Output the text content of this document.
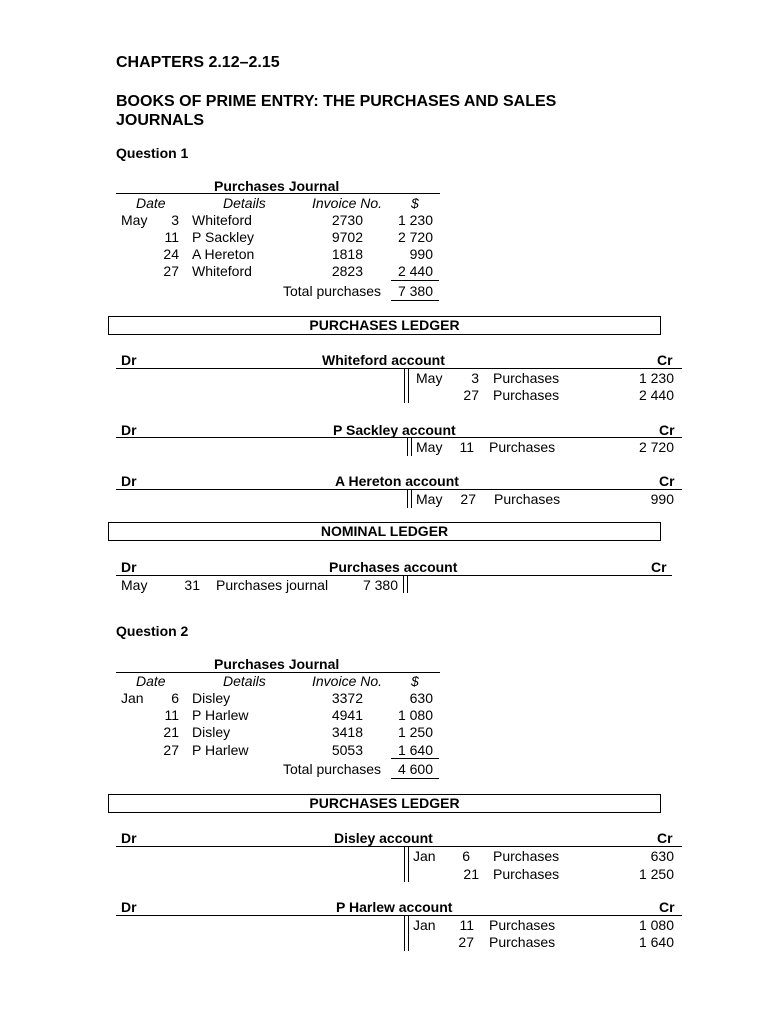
CHAPTERS 2.12–2.15
BOOKS OF PRIME ENTRY: THE PURCHASES AND SALES
JOURNALS
Question 1
Purchases Journal
Date	Details	Invoice No. $
May	3 Whiteford	2730	1 230
11 P Sackley	9702	2 720
24 A Hereton	1818	990
27 Whiteford	2823	2 440
Total purchases	7 380
PURCHASES LEDGER
Dr	Whiteford account	Cr
May	3 Purchases	1 230
27 Purchases	2 440
Dr	P Sackley account	Cr
May	11 Purchases	2 720
Dr	A Hereton account	Cr
May	27 Purchases	990
NOMINAL LEDGER
Dr	Purchases account	Cr
May	31 Purchases journal	7 380
Question 2
Purchases Journal
Date	Details	Invoice No. $
Jan	6 Disley	3372	630
11 P Harlew	4941	1 080
21 Disley	3418	1 250
27 P Harlew	5053	1 640
Total purchases	4 600
PURCHASES LEDGER
Dr	Disley account	Cr
Jan	6 Purchases	630
21 Purchases	1 250
Dr	P Harlew account	Cr
Jan	11 Purchases	1 080
27 Purchases	1 640
